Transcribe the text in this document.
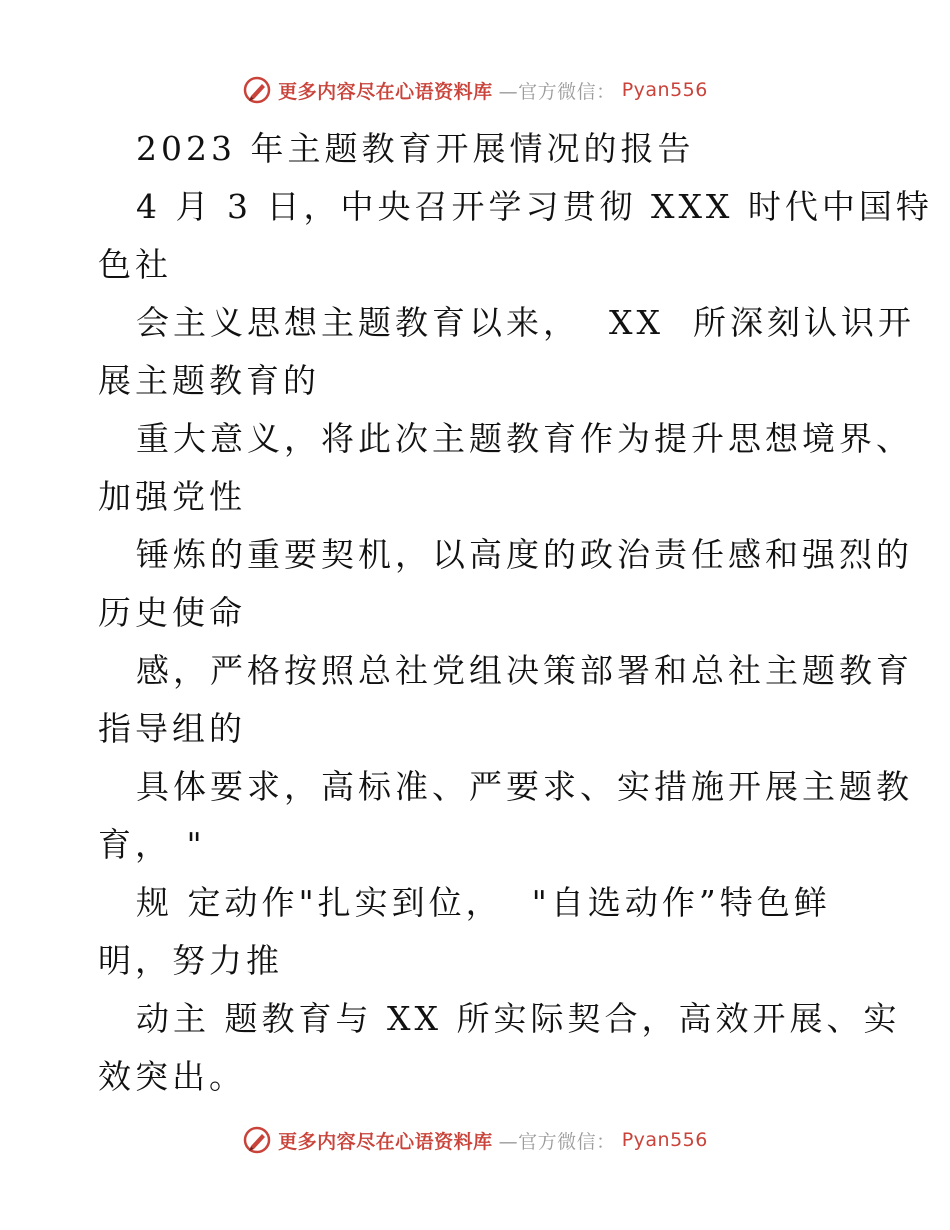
更多内容尽在心语资料库 —官方微信： Pyan556
2023 年主题教育开展情况的报告
4 月 3 日，中央召开学习贯彻 XXX 时代中国特
色社
会主义思想主题教育以来，  XX  所深刻认识开
展主题教育的
重大意义，将此次主题教育作为提升思想境界、
加强党性
锤炼的重要契机，以高度的政治责任感和强烈的
历史使命
感，严格按照总社党组决策部署和总社主题教育
指导组的
具体要求，高标准、严要求、实措施开展主题教
育， "
规 定动作"扎实到位，  "自选动作”特色鲜
明，努力推
动主 题教育与 XX 所实际契合，高效开展、实
效突出。
更多内容尽在心语资料库 —官方微信： Pyan556
